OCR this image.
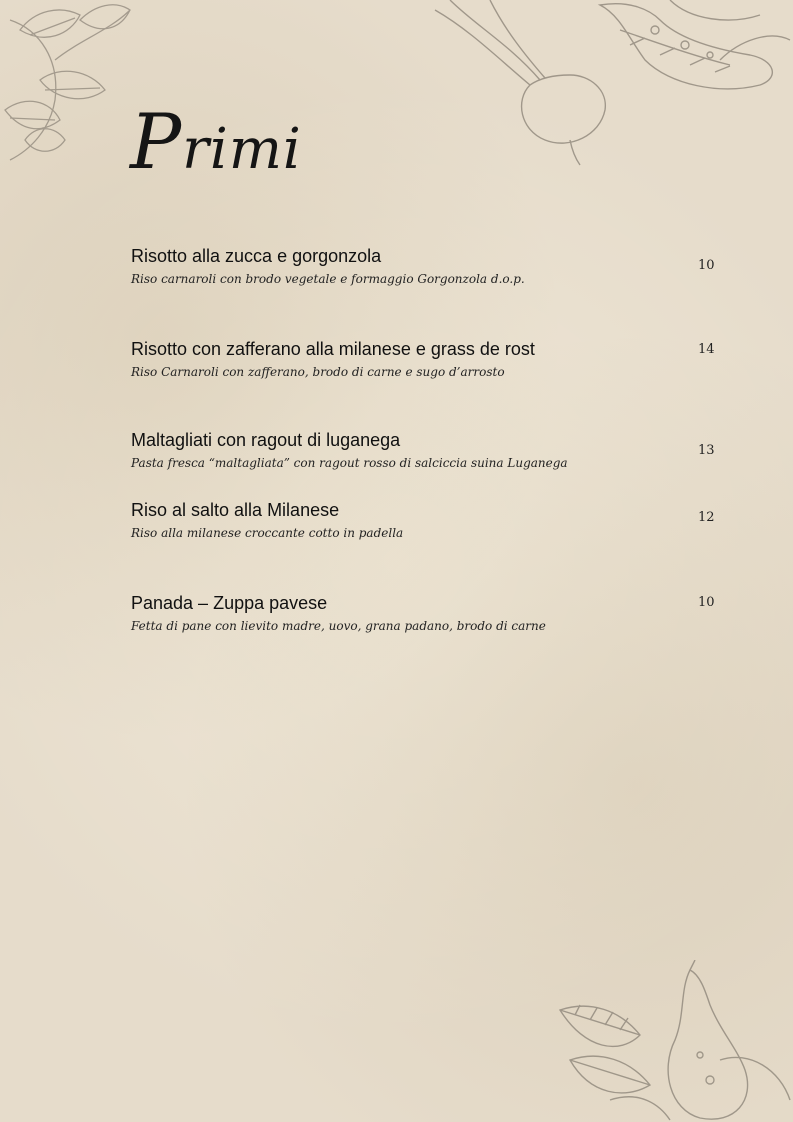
Primi
Risotto alla zucca e gorgonzola
Riso carnaroli con brodo vegetale e formaggio Gorgonzola d.o.p.
10
Risotto con zafferano alla milanese e grass de rost
Riso Carnaroli con zafferano, brodo di carne e sugo d’arrosto
14
Maltagliati con ragout di luganega
Pasta fresca “maltagliata” con ragout rosso di salciccia suina Luganega
13
Riso al salto alla Milanese
Riso alla milanese croccante cotto in padella
12
Panada – Zuppa pavese
Fetta di pane con lievito madre, uovo, grana padano, brodo di carne
10
